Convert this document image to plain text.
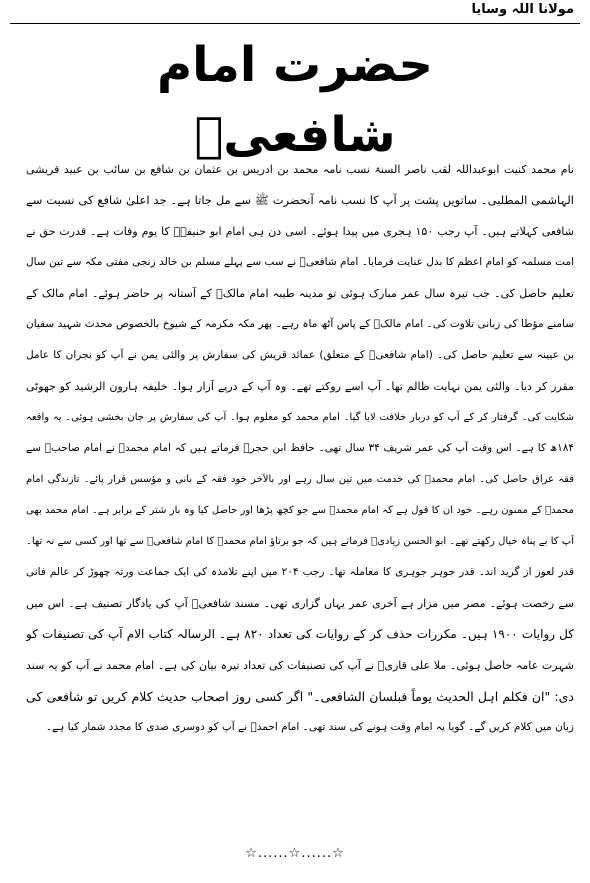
مولانا اللہ وسایا
حضرت امام شافعیؒ
نام محمد کنیت ابوعبداللہ لقب ناصر السنۃ نسب نامہ محمد بن ادریس بن عثمان بن شافع بن سائب بن عبید قریشی
الہاشمی المطلبی۔ ساتویں پشت پر آپ کا نسب نامہ آنحضرت ﷺ سے مل جاتا ہے۔ جد اعلیٰ شافع کی نسبت سے
شافعی کہلاتے ہیں۔ آپ رجب ۱۵۰ ہجری میں پیدا ہوئے۔ اسی دن ہی امام ابو حنیفہؒ کا یوم وفات ہے۔ قدرت حق نے
امت مسلمہ کو امام اعظم کا بدل عنایت فرمایا۔ امام شافعیؒ نے سب سے پہلے مسلم بن خالد زنجی مفتی مکہ سے تین سال
تعلیم حاصل کی۔ جب تیرہ سال عمر مبارک ہوئی تو مدینہ طیبہ امام مالکؒ کے آستانہ پر حاضر ہوئے۔ امام مالک کے
سامنے مؤطا کی زبانی تلاوت کی۔ امام مالکؒ کے پاس آٹھ ماہ رہے۔ پھر مکہ مکرمہ کے شیوخ بالخصوص محدث شہید سفیان
بن عیینہ سے تعلیم حاصل کی۔ (امام شافعیؒ کے متعلق) عمائد قریش کی سفارش پر والئی یمن نے آپ کو نجران کا عامل
مقرر کر دیا۔ والئی یمن نہایت ظالم تھا۔ آپ اسے روکتے تھے۔ وہ آپ کے درپے آزار ہوا۔ خلیفہ ہارون الرشید کو جھوٹی
شکایت کی۔ گرفتار کر کے آپ کو دربار خلافت لایا گیا۔ امام محمد کو معلوم ہوا۔ آپ کی سفارش پر جان بخشی ہوئی۔ یہ واقعہ
۱۸۴ھ کا ہے۔ اس وقت آپ کی عمر شریف ۳۴ سال تھی۔ حافظ ابن حجرؒ فرماتے ہیں کہ امام محمدؒ نے امام صاحبؒ سے
فقہ عراق حاصل کی۔ امام محمدؒ کی خدمت میں تین سال رہے اور بالآخر خود فقہ کے بانی و مؤسس قرار پائے۔ تازندگی امام
محمدؒ کے ممنون رہے۔ خود ان کا قول ہے کہ امام محمدؒ سے جو کچھ پڑھا اور حاصل کیا وہ بار شتر کے برابر ہے۔ امام محمد بھی
آپ کا بے پناہ خیال رکھتے تھے۔ ابو الحسن زیادیؒ فرماتے ہیں کہ جو برتاؤ امام محمدؒ کا امام شافعیؒ سے تھا اور کسی سے نہ تھا۔
قدر لعوز از گرید اند۔ قدر جوہر جوہری کا معاملہ تھا۔ رجب ۲۰۴ میں اپنے تلامذہ کی ایک جماعت ورثہ چھوڑ کر عالم فانی
سے رخصت ہوئے۔ مصر میں مزار ہے آخری عمر یہاں گزاری تھی۔ مسند شافعیؒ آپ کی یادگار تصنیف ہے۔ اس میں
کل روایات ۱۹۰۰ ہیں۔ مکررات حذف کر کے روایات کی تعداد ۸۲۰ ہے۔ الرسالہ کتاب الام آپ کی تصنیفات کو
شہرت عامہ حاصل ہوئی۔ ملا علی قاریؒ نے آپ کی تصنیفات کی تعداد تیرہ بیان کی ہے۔ امام محمد نے آپ کو یہ سند
دی: "ان فکلم اہل الحدیث یوماً فبلسان الشافعی۔" اگر کسی روز اصحاب حدیث کلام کریں تو شافعی کی
زبان میں کلام کریں گے۔ گویا یہ امام وقت ہونے کی سند تھی۔ امام احمدؒ نے آپ کو دوسری صدی کا مجدد شمار کیا ہے۔
☆......☆......☆
